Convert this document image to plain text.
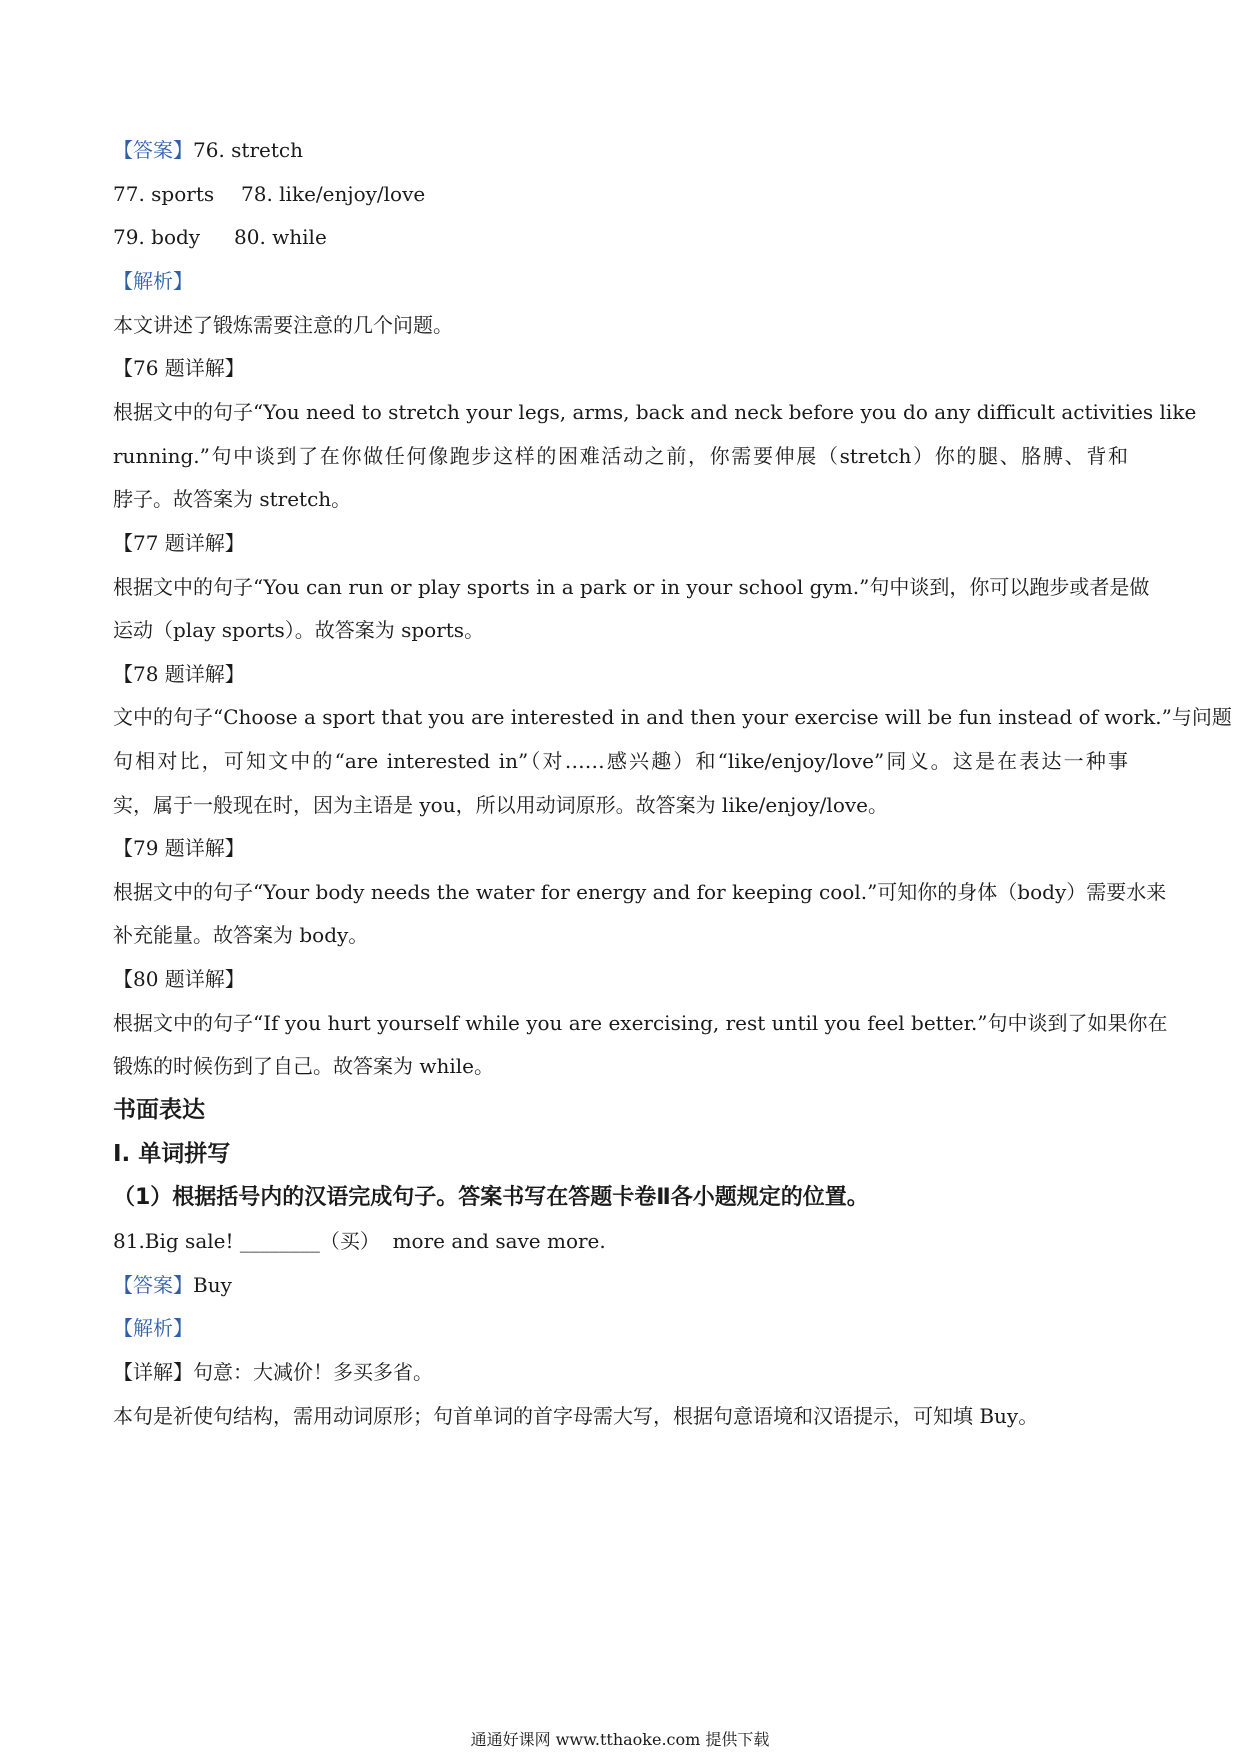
【答案】76. stretch
77. sports 78. like/enjoy/love
79. body 80. while
【解析】
本文讲述了锻炼需要注意的几个问题。
【76 题详解】
根据文中的句子“You need to stretch your legs, arms, back and neck before you do any difficult activities like
running.”句中谈到了在你做任何像跑步这样的困难活动之前，你需要伸展（stretch）你的腿、胳膊、背和
脖子。故答案为 stretch。
【77 题详解】
根据文中的句子“You can run or play sports in a park or in your school gym.”句中谈到，你可以跑步或者是做
运动（play sports）。故答案为 sports。
【78 题详解】
文中的句子“Choose a sport that you are interested in and then your exercise will be fun instead of work.”与问题
句相对比，可知文中的“are interested in”（对……感兴趣）和“like/enjoy/love”同义。这是在表达一种事
实，属于一般现在时，因为主语是 you，所以用动词原形。故答案为 like/enjoy/love。
【79 题详解】
根据文中的句子“Your body needs the water for energy and for keeping cool.”可知你的身体（body）需要水来
补充能量。故答案为 body。
【80 题详解】
根据文中的句子“If you hurt yourself while you are exercising, rest until you feel better.”句中谈到了如果你在
锻炼的时候伤到了自己。故答案为 while。
书面表达
Ⅰ. 单词拼写
（1）根据括号内的汉语完成句子。答案书写在答题卡卷Ⅱ各小题规定的位置。
81.Big sale! ________（买）  more and save more.
【答案】Buy
【解析】
【详解】句意：大减价！多买多省。
本句是祈使句结构，需用动词原形；句首单词的首字母需大写，根据句意语境和汉语提示，可知填 Buy。
通通好课网 www.tthaoke.com 提供下载
